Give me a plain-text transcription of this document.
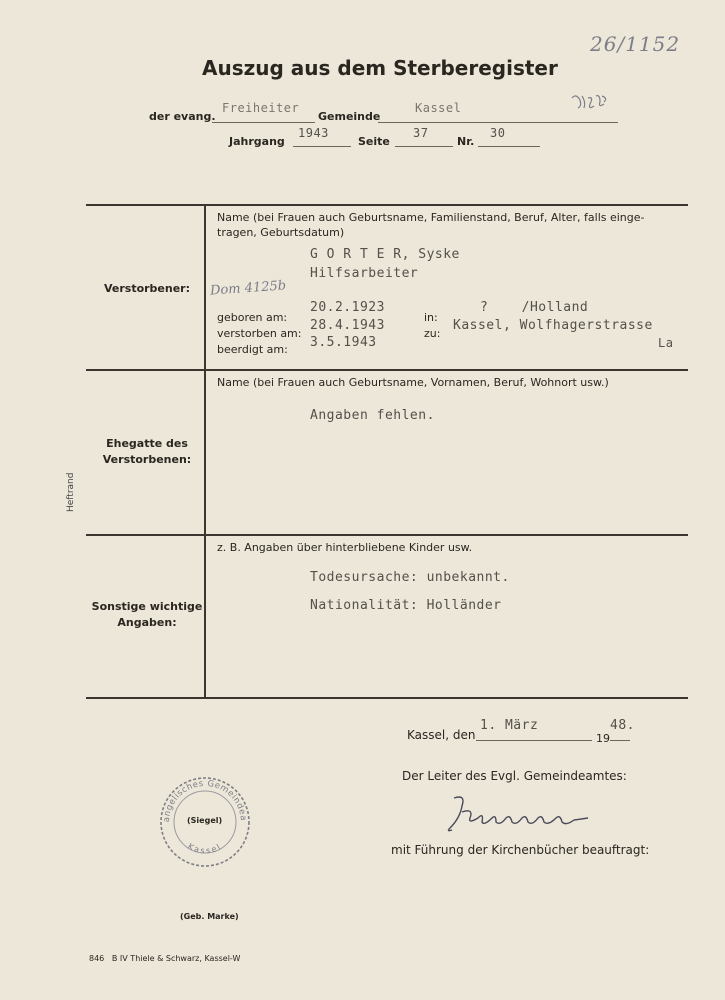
26/1152
Auszug aus dem Sterberegister
der evang.
Freiheiter
Gemeinde
Kassel
Jahrgang
1943
Seite
37
Nr.
30
Heftrand
Verstorbener:
Name (bei Frauen auch Geburtsname, Familienstand, Beruf, Alter, falls einge-
tragen, Geburtsdatum)
G O R T E R, Syske
Hilfsarbeiter
Dom 4125b
geboren am:
20.2.1923
in:
?    /Holland
verstorben am:
28.4.1943
zu:
Kassel, Wolfhagerstrasse
La
beerdigt am: 3.5.1943
Ehegatte des
Verstorbenen:
Name (bei Frauen auch Geburtsname, Vornamen, Beruf, Wohnort usw.)
Angaben fehlen.
Sonstige wichtige
Angaben:
z. B. Angaben über hinterbliebene Kinder usw.
Todesursache: unbekannt.
Nationalität: Holländer
Kassel, den
1. März
19
48.
Der Leiter des Evgl. Gemeindeamtes:
mit Führung der Kirchenbücher beauftragt:
angelisches Gemeindea
Kassel
(Siegel)
(Geb. Marke)
846   B IV Thiele & Schwarz, Kassel-W
